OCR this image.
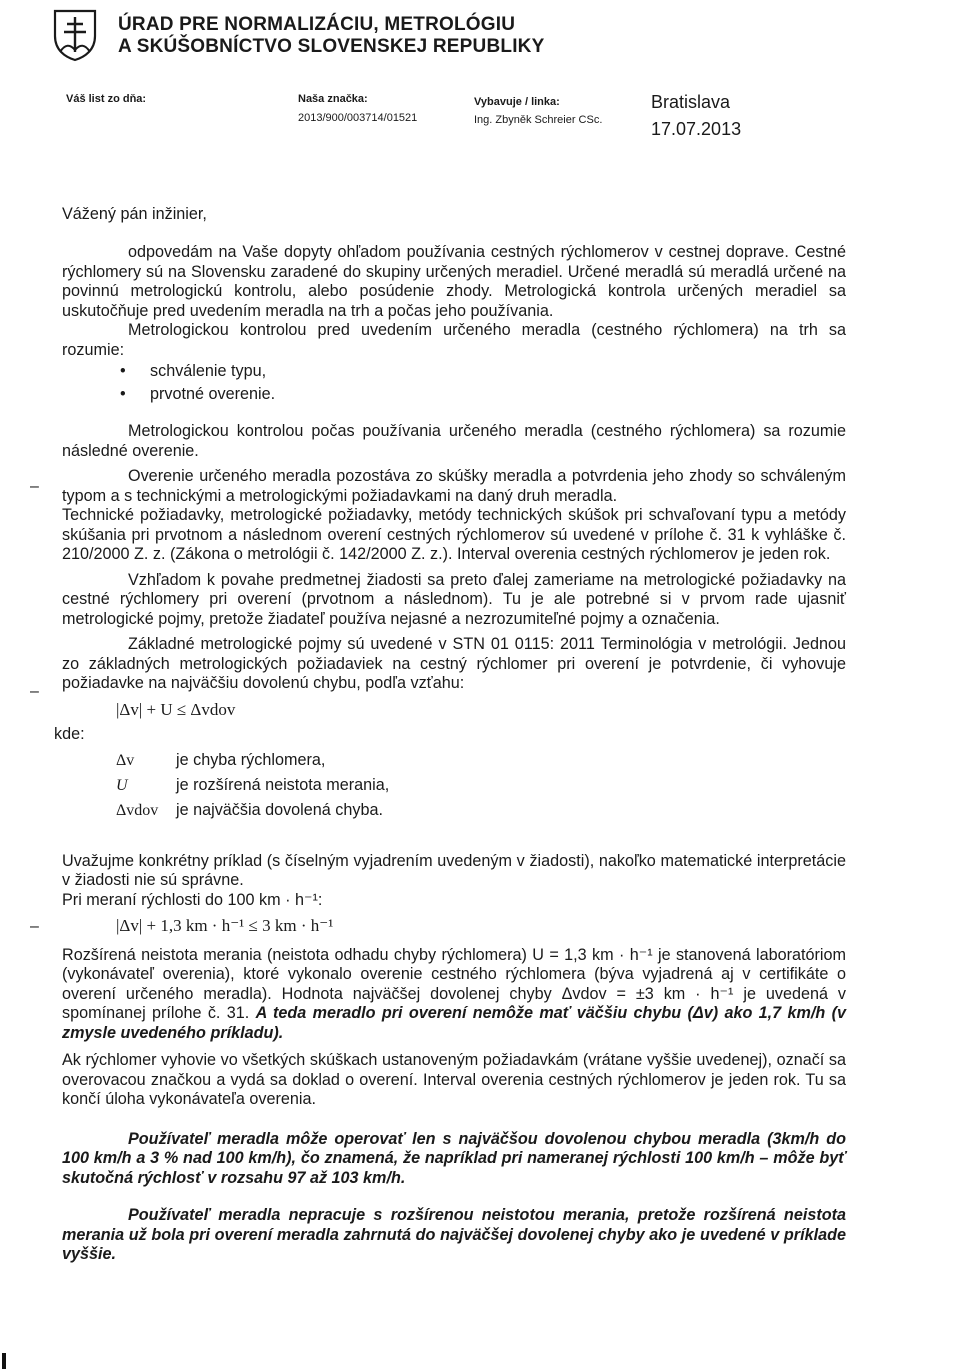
ÚRAD PRE NORMALIZÁCIU, METROLÓGIU
A SKÚŠOBNÍCTVO SLOVENSKEJ REPUBLIKY
Váš list zo dňa:	Naša značka:
2013/900/003714/01521
Vybavuje / linka:
Ing. Zbyněk Schreier CSc.
Bratislava
17.07.2013
Vážený pán inžinier,

odpovedám na Vaše dopyty ohľadom používania cestných rýchlomerov v cestnej doprave. Cestné rýchlomery sú na Slovensku zaradené do skupiny určených meradiel. Určené meradlá sú meradlá určené na povinnú metrologickú kontrolu, alebo posúdenie zhody. Metrologická kontrola určených meradiel sa uskutočňuje pred uvedením meradla na trh a počas jeho používania.

Metrologickou kontrolou pred uvedením určeného meradla (cestného rýchlomera) na trh sa rozumie:

• schválenie typu,
• prvotné overenie.

Metrologickou kontrolou počas používania určeného meradla (cestného rýchlomera) sa rozumie následné overenie.

Overenie určeného meradla pozostáva zo skúšky meradla a potvrdenia jeho zhody so schváleným typom a s technickými a metrologickými požiadavkami na daný druh meradla.

Technické požiadavky, metrologické požiadavky, metódy technických skúšok pri schvaľovaní typu a metódy skúšania pri prvotnom a následnom overení cestných rýchlomerov sú uvedené v prílohe č. 31 k vyhláške č. 210/2000 Z. z. (Zákona o metrológii č. 142/2000 Z. z.). Interval overenia cestných rýchlomerov je jeden rok.

Vzhľadom k povahe predmetnej žiadosti sa preto ďalej zameriame na metrologické požiadavky na cestné rýchlomery pri overení (prvotnom a následnom). Tu je ale potrebné si v prvom rade ujasniť metrologické pojmy, pretože žiadateľ používa nejasné a nezrozumiteľné pojmy a označenia.

Základné metrologické pojmy sú uvedené v STN 01 0115: 2011 Terminológia v metrológii. Jednou zo základných metrologických požiadaviek na cestný rýchlomer pri overení je potvrdenie, či vyhovuje požiadavke na najväčšiu dovolenú chybu, podľa vzťahu:

|Δv| + U ≤ Δvdov
kde:
Δv	je chyba rýchlomera,
U	je rozšírená neistota merania,
Δvdov	je najväčšia dovolená chyba.

Uvažujme konkrétny príklad (s číselným vyjadrením uvedeným v žiadosti), nakoľko matematické interpretácie v žiadosti nie sú správne.

Pri meraní rýchlosti do 100 km · h⁻¹:

|Δv| + 1,3 km · h⁻¹ ≤ 3 km · h⁻¹

Rozšírená neistota merania (neistota odhadu chyby rýchlomera) U = 1,3 km · h⁻¹ je stanovená laboratóriom (vykonávateľ overenia), ktoré vykonalo overenie cestného rýchlomera (býva vyjadrená aj v certifikáte o overení určeného meradla). Hodnota najväčšej dovolenej chyby Δvdov = ±3 km · h⁻¹ je uvedená v spomínanej prílohe č. 31. A teda meradlo pri overení nemôže mať väčšiu chybu (Δv) ako 1,7 km/h (v zmysle uvedeného príkladu).

Ak rýchlomer vyhovie vo všetkých skúškach ustanoveným požiadavkám (vrátane vyššie uvedenej), označí sa overovacou značkou a vydá sa doklad o overení. Interval overenia cestných rýchlomerov je jeden rok. Tu sa končí úloha vykonávateľa overenia.

Používateľ meradla môže operovať len s najväčšou dovolenou chybou meradla (3km/h do 100 km/h a 3 % nad 100 km/h), čo znamená, že napríklad pri nameranej rýchlosti 100 km/h – môže byť skutočná rýchlosť v rozsahu 97 až 103 km/h.

Používateľ meradla nepracuje s rozšírenou neistotou merania, pretože rozšírená neistota merania už bola pri overení meradla zahrnutá do najväčšej dovolenej chyby ako je uvedené v príklade vyššie.

–
–
–
